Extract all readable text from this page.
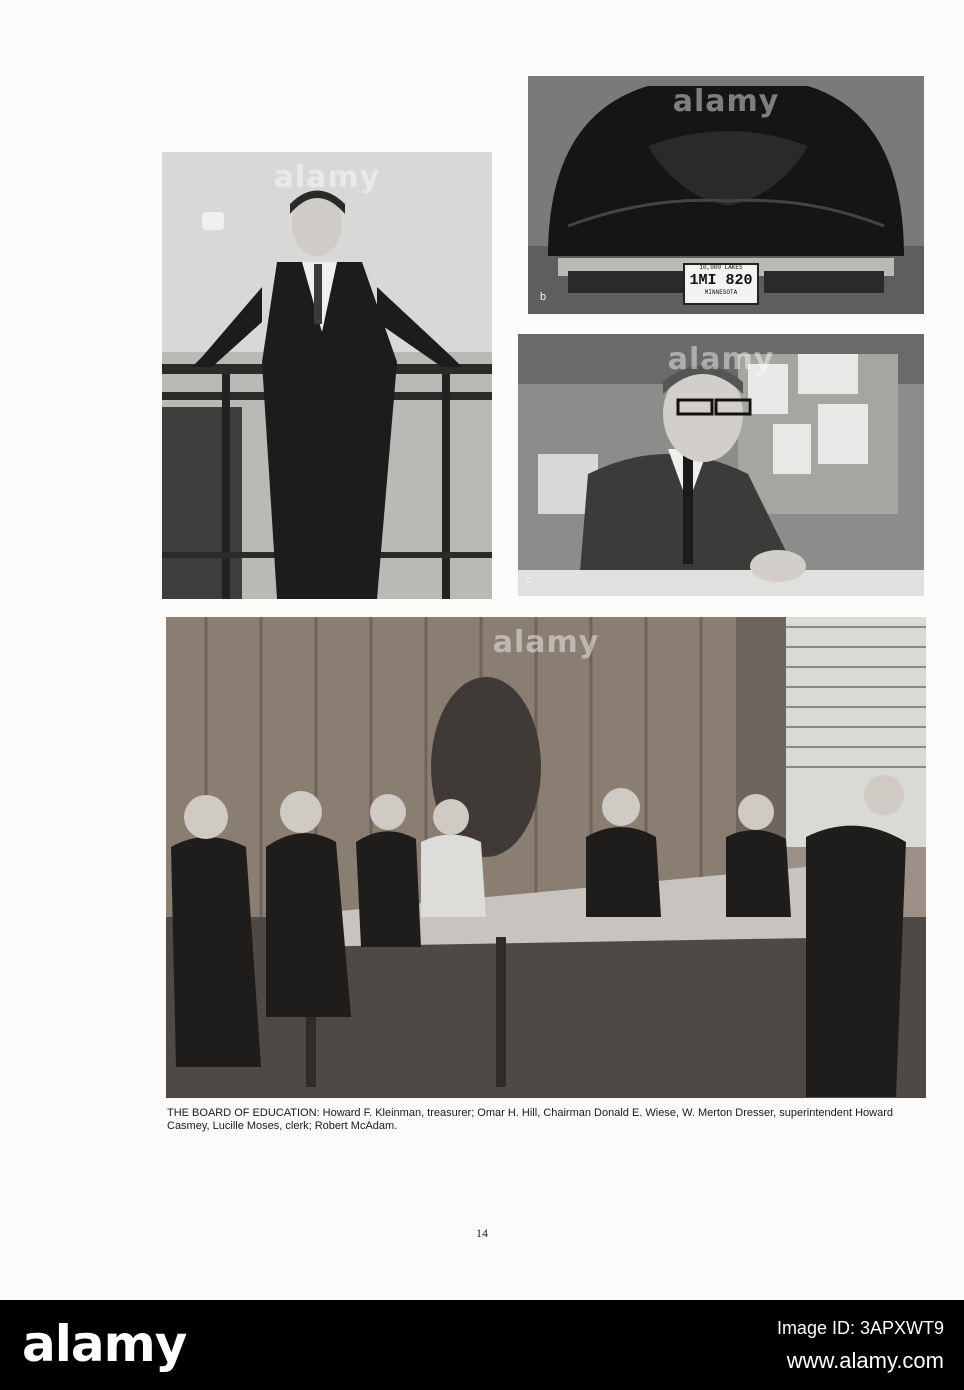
alamy
10,000 LAKES
1MI 820
MINNESOTA
alamy
b
alamy
c
alamy
THE BOARD OF EDUCATION: Howard F. Kleinman, treasurer; Omar H. Hill, Chairman Donald E. Wiese, W. Merton Dresser, superintendent Howard Casmey, Lucille Moses, clerk; Robert McAdam.
14
alamy	Image ID: 3APXWT9
www.alamy.com
